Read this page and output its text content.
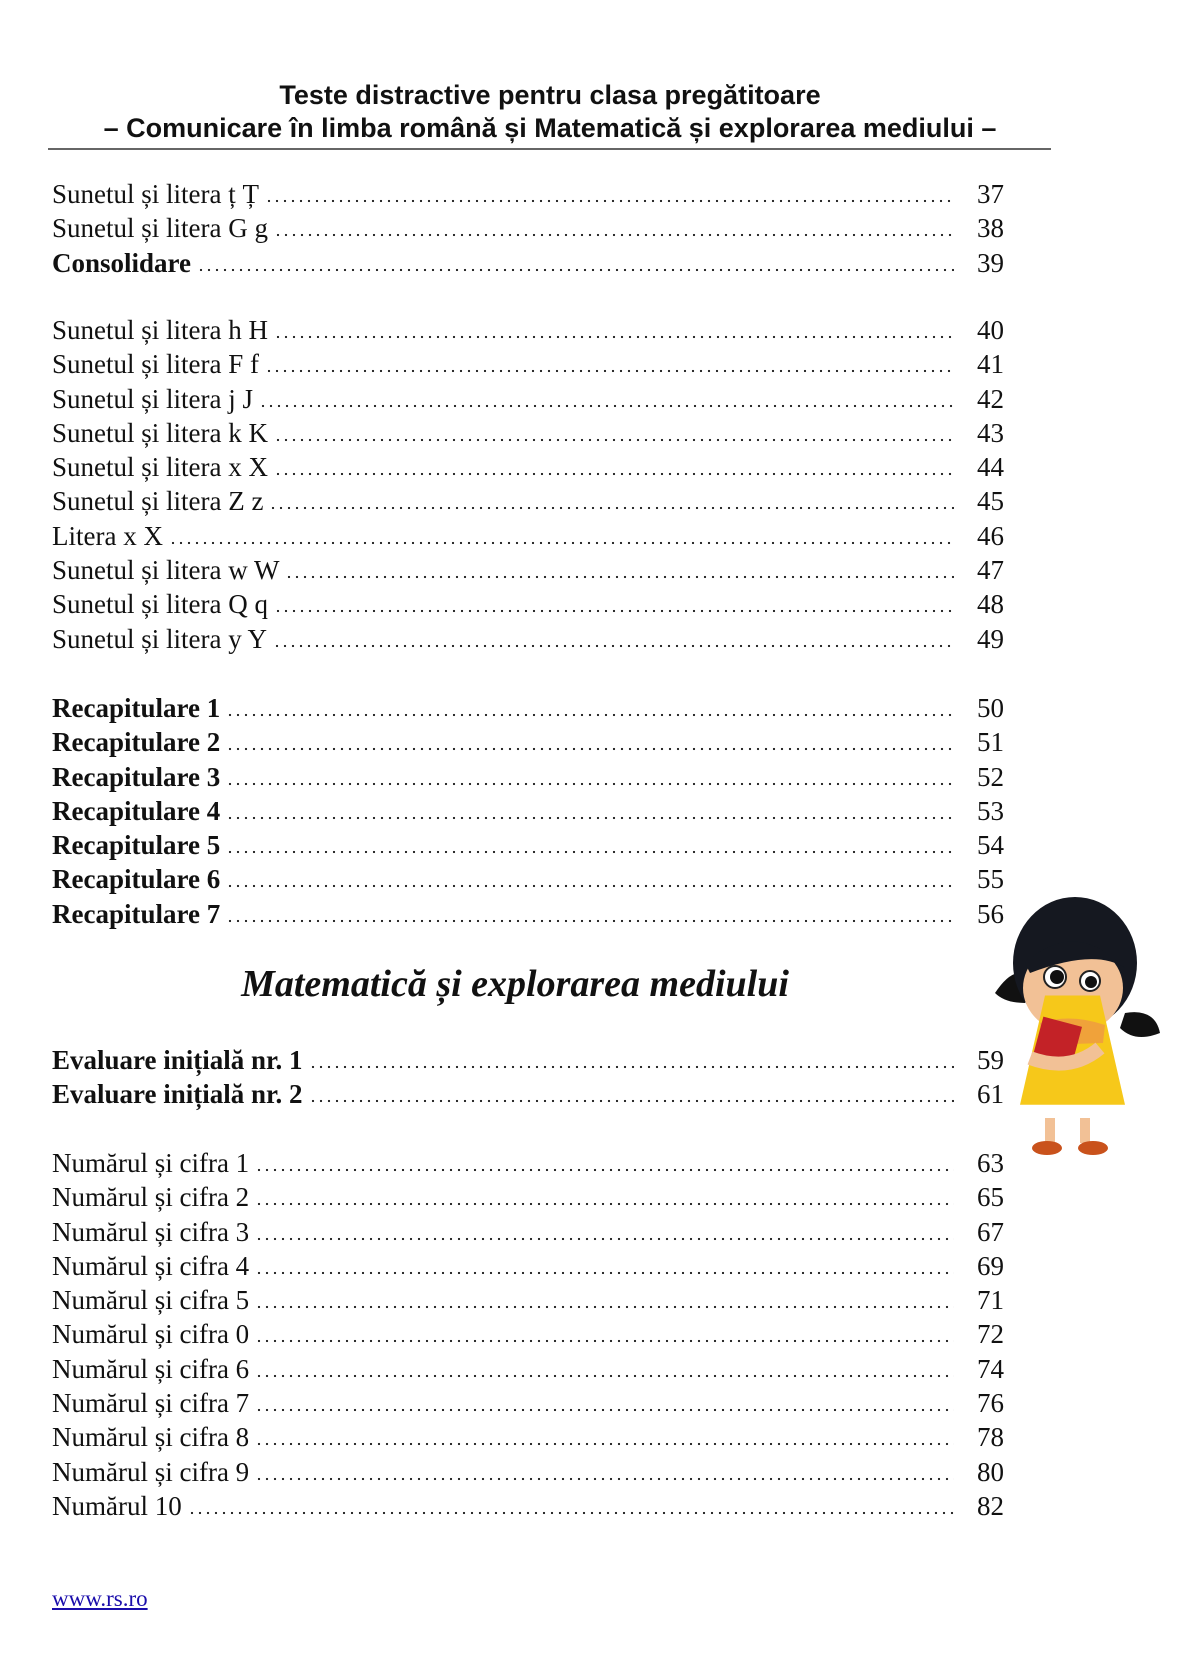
Teste distractive pentru clasa pregătitoare
– Comunicare în limba română și Matematică și explorarea mediului –
Sunetul și litera ț Ț	37
Sunetul și litera G g	38
Consolidare	39
Sunetul și litera h H	40
Sunetul și litera F f	41
Sunetul și litera j J	42
Sunetul și litera k K	43
Sunetul și litera x X	44
Sunetul și litera Z z	45
Litera x X	46
Sunetul și litera w W	47
Sunetul și litera Q q	48
Sunetul și litera y Y	49
Recapitulare 1	50
Recapitulare 2	51
Recapitulare 3	52
Recapitulare 4	53
Recapitulare 5	54
Recapitulare 6	55
Recapitulare 7	56
Matematică și explorarea mediului
Evaluare inițială nr. 1	59
Evaluare inițială nr. 2	61
Numărul și cifra 1	63
Numărul și cifra 2	65
Numărul și cifra 3	67
Numărul și cifra 4	69
Numărul și cifra 5	71
Numărul și cifra 0	72
Numărul și cifra 6	74
Numărul și cifra 7	76
Numărul și cifra 8	78
Numărul și cifra 9	80
Numărul 10	82
www.rs.ro
